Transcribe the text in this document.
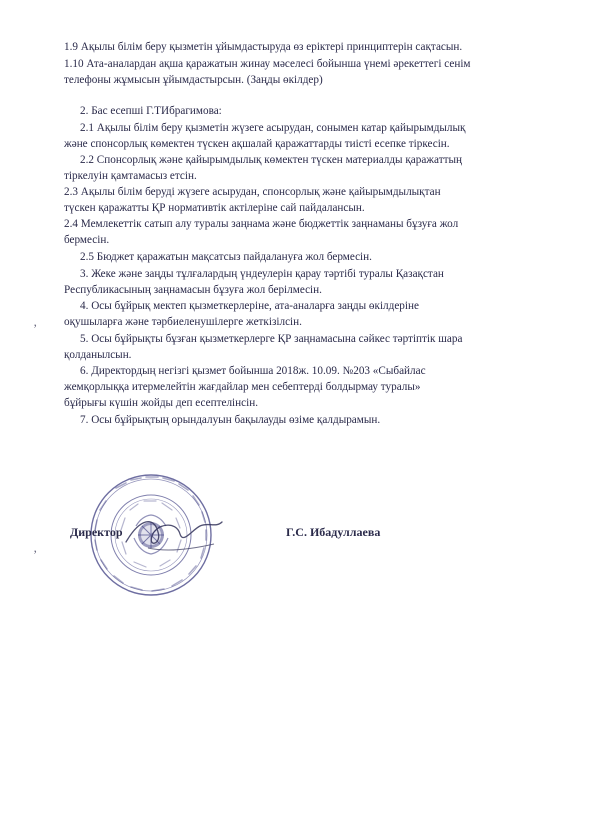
1.9 Ақылы білім беру қызметін ұйымдастыруда өз еріктері принциптерін сақтасын.
1.10 Ата-аналардан ақша қаражатын жинау мәселесі бойынша үнемі әрекеттегі сенім
телефоны жұмысын ұйымдастырсын. (Заңды өкілдер)
2. Бас есепші Г.ТИбрагимова:
2.1 Ақылы білім беру қызметін жүзеге асырудан, сонымен катар қайырымдылық
және спонсорлық көмектен түскен ақшалай қаражаттарды тиісті есепке тіркесін.
2.2 Спонсорлық және қайырымдылық көмектен түскен материалды қаражаттың
тіркелуін қамтамасыз етсін.
2.3 Ақылы білім беруді жүзеге асырудан, спонсорлық және қайырымдылықтан
түскен қаражатты ҚР нормативтік актілеріне сай пайдалансын.
2.4 Мемлекеттік сатып алу туралы заңнама және бюджеттік заңнаманы бұзуға жол
бермесін.
2.5 Бюджет қаражатын мақсатсыз пайдалануға жол бермесін.
3. Жеке және заңды тұлғалардың үндеулерін қарау тәртібі туралы Қазақстан
Республикасының заңнамасын бұзуға жол берілмесін.
4. Осы бұйрық мектеп қызметкерлеріне, ата-аналарға заңды өкілдеріне
оқушыларға және тәрбиеленушілерге жеткізілсін.
5. Осы бұйрықты бұзған қызметкерлерге ҚР заңнамасына сәйкес тәртіптік шара
қолданылсын.
6. Директордың негізгі қызмет бойынша 2018ж. 10.09. №203 «Сыбайлас
жемқорлыққа итермелейтін жағдайлар мен себептерді болдырмау туралы»
бұйрығы күшін жойды деп есептелінсін.
7. Осы бұйрықтың орындалуын бақылауды өзіме қалдырамын.
‚
‚
Директор	Г.С. Ибадуллаева
